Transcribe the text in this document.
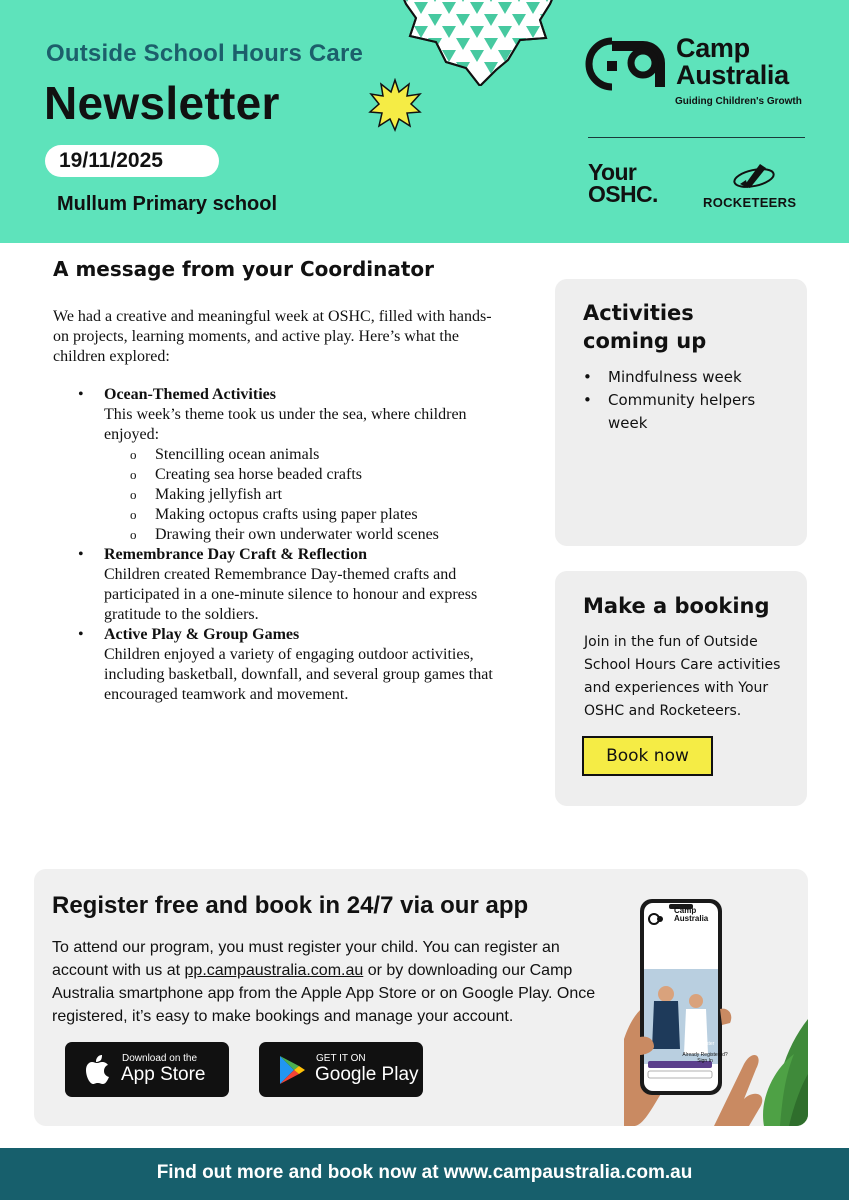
Outside School Hours Care
Newsletter
19/11/2025
Mullum Primary school
Camp
Australia
Guiding Children's Growth
Your
OSHC.	ROCKETEERS
A message from your Coordinator
We had a creative and meaningful week at OSHC, filled with hands-on projects, learning moments, and active play. Here’s what the children explored:
• Ocean-Themed Activities
This week’s theme took us under the sea, where children enjoyed:
o Stencilling ocean animals
o Creating sea horse beaded crafts
o Making jellyfish art
o Making octopus crafts using paper plates
o Drawing their own underwater world scenes
• Remembrance Day Craft & Reflection
Children created Remembrance Day-themed crafts and participated in a one-minute silence to honour and express gratitude to the soldiers.
• Active Play & Group Games
Children enjoyed a variety of engaging outdoor activities, including basketball, downfall, and several group games that encouraged teamwork and movement.
Activities
coming up
• Mindfulness week
• Community helpers week
Make a booking
Join in the fun of Outside School Hours Care activities and experiences with Your OSHC and Rocketeers.
Book now
Register free and book in 24/7 via our app
To attend our program, you must register your child. You can register an account with us at pp.campaustralia.com.au or by downloading our Camp Australia smartphone app from the Apple App Store or on Google Play. Once registered, it’s easy to make bookings and manage your account.
Download on the
App Store
GET IT ON
Google Play
Camp
Australia
Register
Already Registered? Sign In
Find out more and book now at www.campaustralia.com.au
